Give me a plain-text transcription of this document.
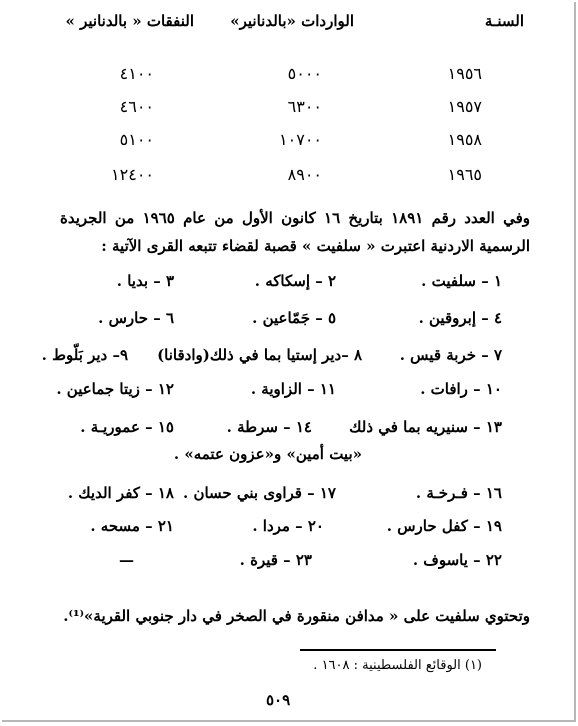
السنـة
الواردات «بالدنانير»
النفقات « بالدنانير »
١٩٥٦
٥٠٠٠
٤١٠٠
١٩٥٧
٦٣٠٠
٤٦٠٠
١٩٥٨
١٠٧٠٠
٥١٠٠
١٩٦٥
٨٩٠٠
١٢٤٠٠
وفي العدد رقم ١٨٩١ بتاريخ ١٦ كانون الأول من عام ١٩٦٥ من الجريدة الرسمية الاردنية اعتبرت « سلفيت » قصبة لقضاء تتبعه القرى الآتية :
١ – سلفيت .
٢ – إسكاكه .
٣ – بديا .
٤ – إبروقين .
٥ – جَمّاعين .
٦ – حارس .
٧ – خربة قيس .
٨ –دير إستيا بما في ذلك(وادقانا)
٩– دير بَلّوط .
١٠ – رافات .
١١ – الزاوية .
١٢ – زيتا جماعين .
١٣ – سنيريه بما في ذلك
١٤ – سرطة .
١٥ – عموريـة .
«بيت أمين» و«عزون عتمه» .
١٦ – فـرخـة .
١٧ – قراوى بني حسان .
١٨ – كفر الديك .
١٩ – كفل حارس .
٢٠ – مردا .
٢١ – مسحه .
٢٢ – ياسوف .
٢٣ – قيرة .
—
وتحتوي سلفيت على « مدافن منقورة في الصخر في دار جنوبي القرية»⁽¹⁾.
(١) الوقائع الفلسطينية : ١٦٠٨ .
٥٠٩
